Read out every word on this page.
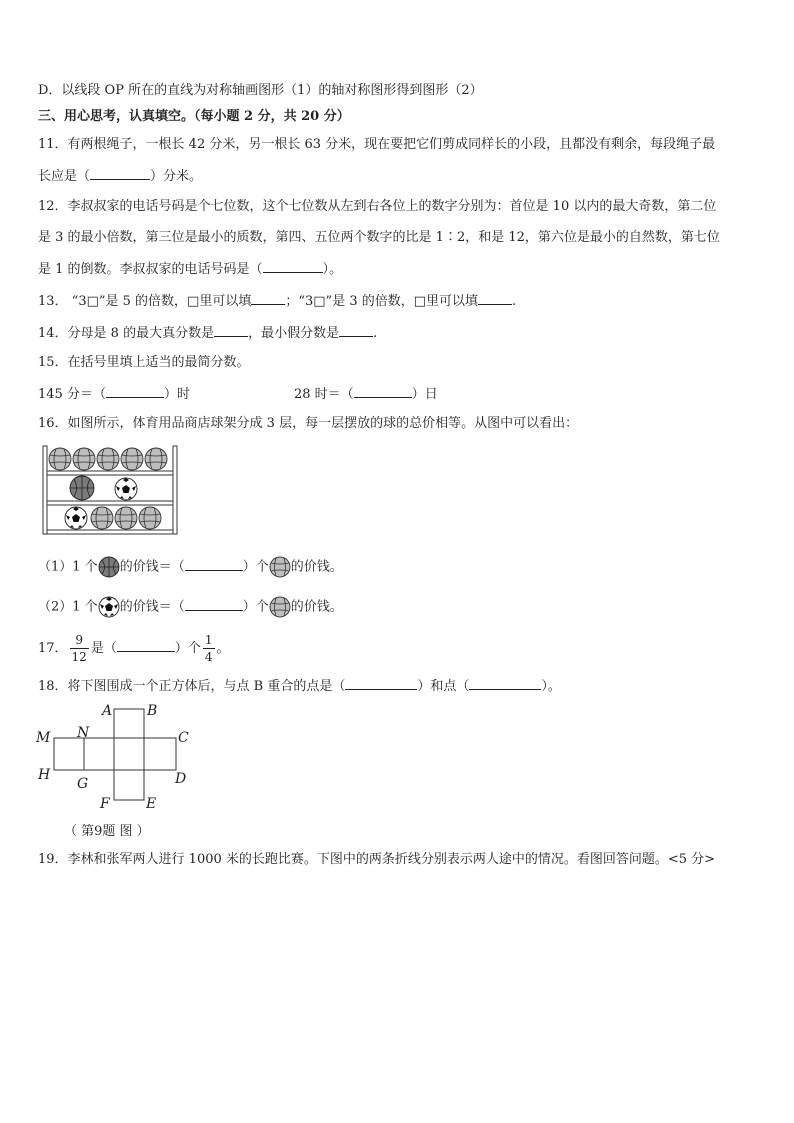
D．以线段 OP 所在的直线为对称轴画图形（1）的轴对称图形得到图形（2）
三、用心思考，认真填空。（每小题 2 分，共 20 分）
11．有两根绳子，一根长 42 分米，另一根长 63 分米，现在要把它们剪成同样长的小段，且都没有剩余，每段绳子最
长应是（	）分米。
12．李叔叔家的电话号码是个七位数，这个七位数从左到右各位上的数字分别为：首位是 10 以内的最大奇数，第二位
是 3 的最小倍数，第三位是最小的质数，第四、五位两个数字的比是 1∶2，和是 12，第六位是最小的自然数，第七位
是 1 的倒数。李叔叔家的电话号码是（	）。
13． “3□”是 5 的倍数，□里可以填	；“3□”是 3 的倍数，□里可以填	.
14．分母是 8 的最大真分数是	，最小假分数是	.
15．在括号里填上适当的最简分数。
145 分＝（	）时	28 时＝（	）日
16．如图所示，体育用品商店球架分成 3 层，每一层摆放的球的总价相等。从图中可以看出：
（1）1 个 的价钱＝（	）个 的价钱。
（2）1 个 的价钱＝（	）个 的价钱。
17． $\frac{9}{12}$ 是（	）个 $\frac{1}{4}$ 。
18．将下图围成一个正方体后，与点 B 重合的点是（	）和点（	）。
A B
C
D
E
F
G
H
M N
（ 第9题 图 ）
19．李林和张军两人进行 1000 米的长跑比赛。下图中的两条折线分别表示两人途中的情况。看图回答问题。<5 分>
